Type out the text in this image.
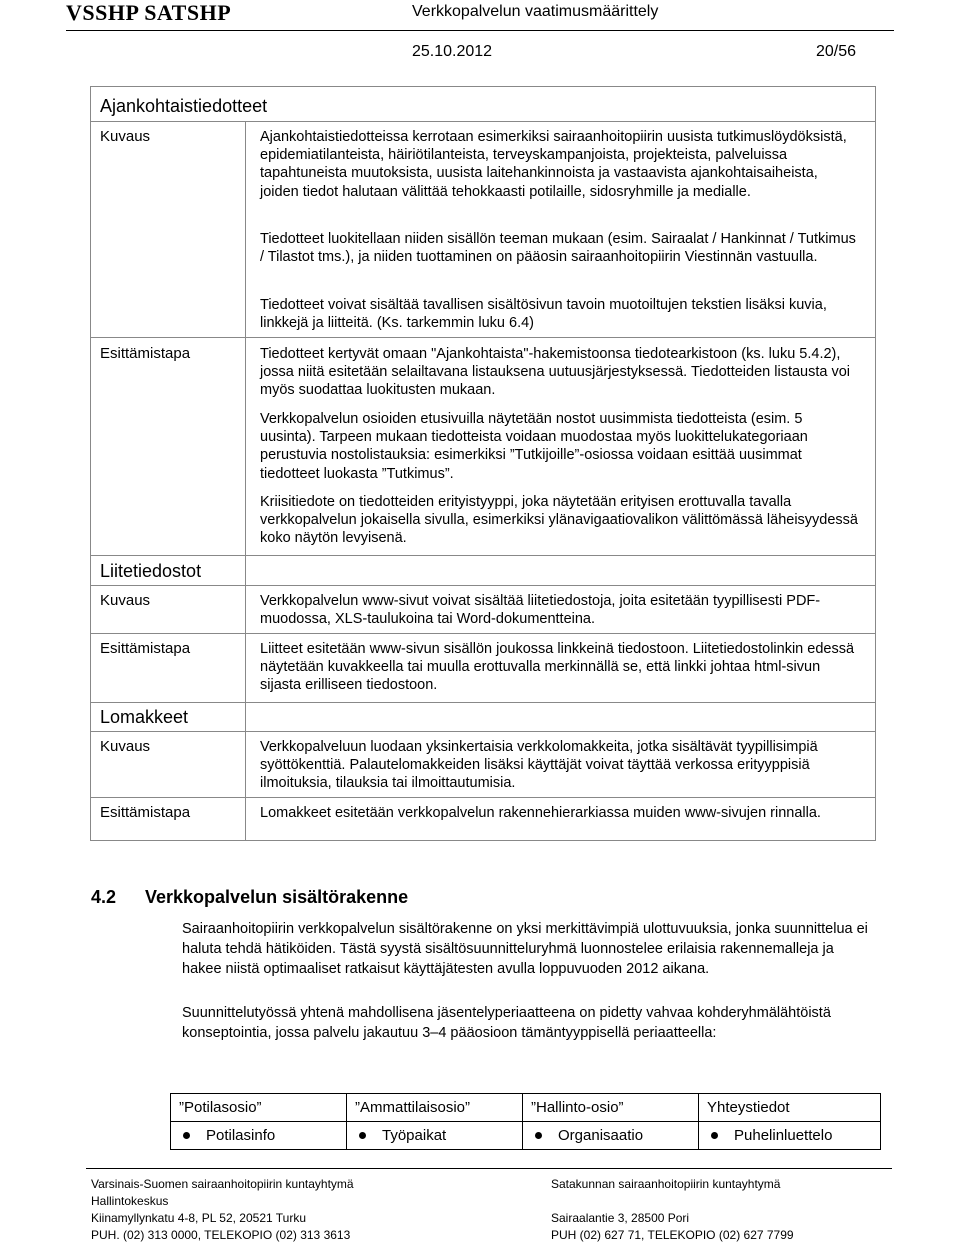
VSSHP SATSHP	Verkkopalvelun vaatimusmäärittely
25.10.2012	20/56
Ajankohtaistiedotteet
Kuvaus	Ajankohtaistiedotteissa kerrotaan esimerkiksi sairaanhoitopiirin uusista tutkimuslöydöksistä, epidemiatilanteista, häiriötilanteista, terveyskampanjoista, projekteista, palveluissa tapahtuneista muutoksista, uusista laitehankinnoista ja vastaavista ajankohtaisaiheista, joiden tiedot halutaan välittää tehokkaasti potilaille, sidosryhmille ja medialle.
Tiedotteet luokitellaan niiden sisällön teeman mukaan (esim. Sairaalat / Hankinnat / Tutkimus / Tilastot tms.), ja niiden tuottaminen on pääosin sairaanhoitopiirin Viestinnän vastuulla.
Tiedotteet voivat sisältää tavallisen sisältösivun tavoin muotoiltujen tekstien lisäksi kuvia, linkkejä ja liitteitä. (Ks. tarkemmin luku 6.4)
Esittämistapa	Tiedotteet kertyvät omaan "Ajankohtaista"-hakemistoonsa tiedotearkistoon (ks. luku 5.4.2), jossa niitä esitetään selailtavana listauksena uutuusjärjestyksessä. Tiedotteiden listausta voi myös suodattaa luokitusten mukaan.
Verkkopalvelun osioiden etusivuilla näytetään nostot uusimmista tiedotteista (esim. 5 uusinta). Tarpeen mukaan tiedotteista voidaan muodostaa myös luokittelukategoriaan perustuvia nostolistauksia: esimerkiksi ”Tutkijoille”-osiossa voidaan esittää uusimmat tiedotteet luokasta ”Tutkimus”.
Kriisitiedote on tiedotteiden erityistyyppi, joka näytetään erityisen erottuvalla tavalla verkkopalvelun jokaisella sivulla, esimerkiksi ylänavigaatiovalikon välittömässä läheisyydessä koko näytön levyisenä.
Liitetiedostot
Kuvaus	Verkkopalvelun www-sivut voivat sisältää liitetiedostoja, joita esitetään tyypillisesti PDF-muodossa, XLS-taulukoina tai Word-dokumentteina.
Esittämistapa	Liitteet esitetään www-sivun sisällön joukossa linkkeinä tiedostoon. Liitetiedostolinkin edessä näytetään kuvakkeella tai muulla erottuvalla merkinnällä se, että linkki johtaa html-sivun sijasta erilliseen tiedostoon.
Lomakkeet
Kuvaus	Verkkopalveluun luodaan yksinkertaisia verkkolomakkeita, jotka sisältävät tyypillisimpiä syöttökenttiä. Palautelomakkeiden lisäksi käyttäjät voivat täyttää verkossa erityyppisiä ilmoituksia, tilauksia tai ilmoittautumisia.
Esittämistapa	Lomakkeet esitetään verkkopalvelun rakennehierarkiassa muiden www-sivujen rinnalla.
4.2 Verkkopalvelun sisältörakenne
Sairaanhoitopiirin verkkopalvelun sisältörakenne on yksi merkittävimpiä ulottuvuuksia, jonka suunnittelua ei haluta tehdä hätiköiden. Tästä syystä sisältösuunnitteluryhmä luonnostelee erilaisia rakennemalleja ja hakee niistä optimaaliset ratkaisut käyttäjätesten avulla loppuvuoden 2012 aikana.
Suunnittelutyössä yhtenä mahdollisena jäsentelyperiaatteena on pidetty vahvaa kohderyhmälähtöistä konseptointia, jossa palvelu jakautuu 3–4 pääosioon tämäntyyppisellä periaatteella:
”Potilasosio”	”Ammattilaisosio”	”Hallinto-osio”	Yhteystiedot
Potilasinfo	Työpaikat	Organisaatio	Puhelinluettelo
Varsinais-Suomen sairaanhoitopiirin kuntayhtymä
Hallintokeskus
Kiinamyllynkatu 4-8, PL 52, 20521 Turku
PUH. (02) 313 0000, TELEKOPIO (02) 313 3613
Satakunnan sairaanhoitopiirin kuntayhtymä
Sairaalantie 3, 28500 Pori
PUH (02) 627 71, TELEKOPIO (02) 627 7799
